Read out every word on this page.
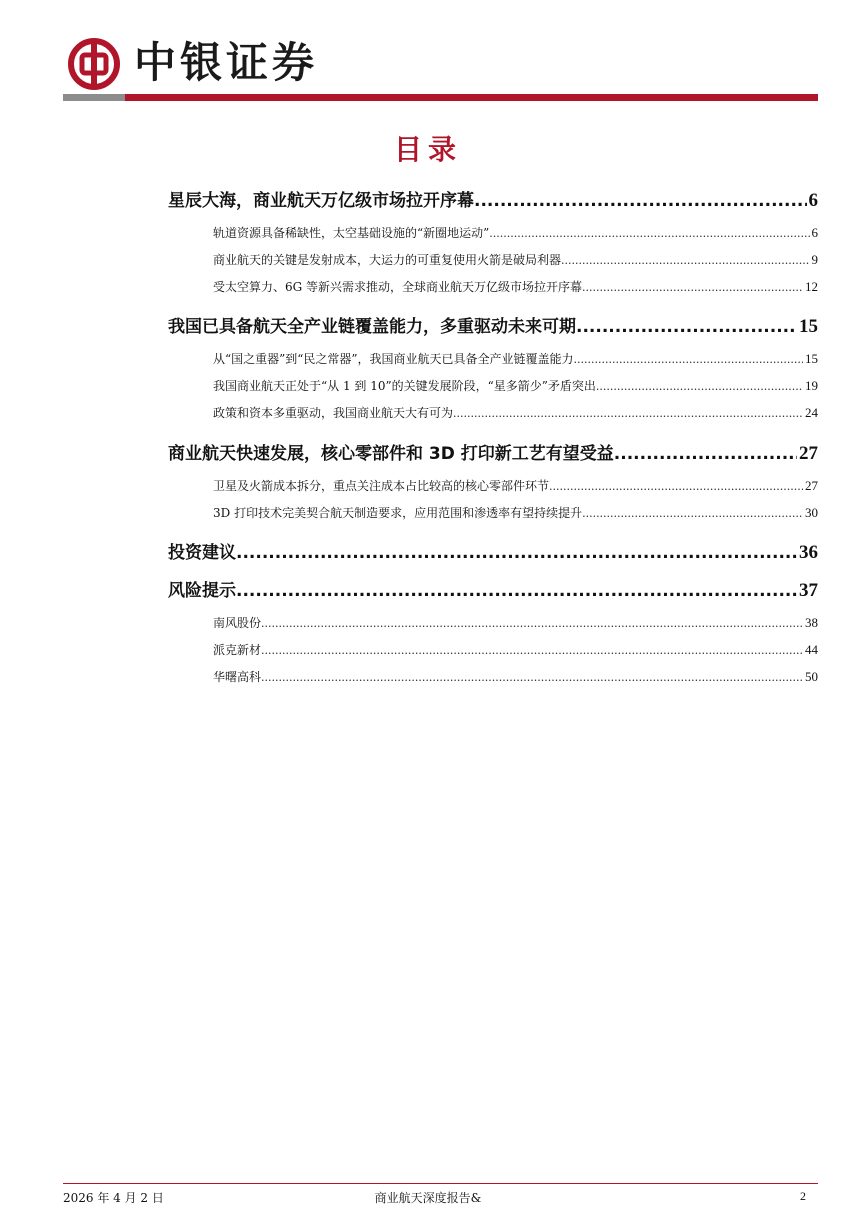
中银证券
目录
星辰大海，商业航天万亿级市场拉开序幕 .....	6
轨道资源具备稀缺性，太空基础设施的“新圈地运动” .....	6
商业航天的关键是发射成本，大运力的可重复使用火箭是破局利器 .....	9
受太空算力、6G 等新兴需求推动，全球商业航天万亿级市场拉开序幕 .....	12
我国已具备航天全产业链覆盖能力，多重驱动未来可期 .....	15
从“国之重器”到“民之常器”，我国商业航天已具备全产业链覆盖能力 .....	15
我国商业航天正处于“从 1 到 10”的关键发展阶段，“星多箭少”矛盾突出 .....	19
政策和资本多重驱动，我国商业航天大有可为 .....	24
商业航天快速发展，核心零部件和 3D 打印新工艺有望受益 .....	27
卫星及火箭成本拆分，重点关注成本占比较高的核心零部件环节 .....	27
3D 打印技术完美契合航天制造要求，应用范围和渗透率有望持续提升 .....	30
投资建议 .....	36
风险提示 .....	37
南风股份 .....	38
派克新材 .....	44
华曙高科 .....	50
2026 年 4 月 2 日	商业航天深度报告&	2
